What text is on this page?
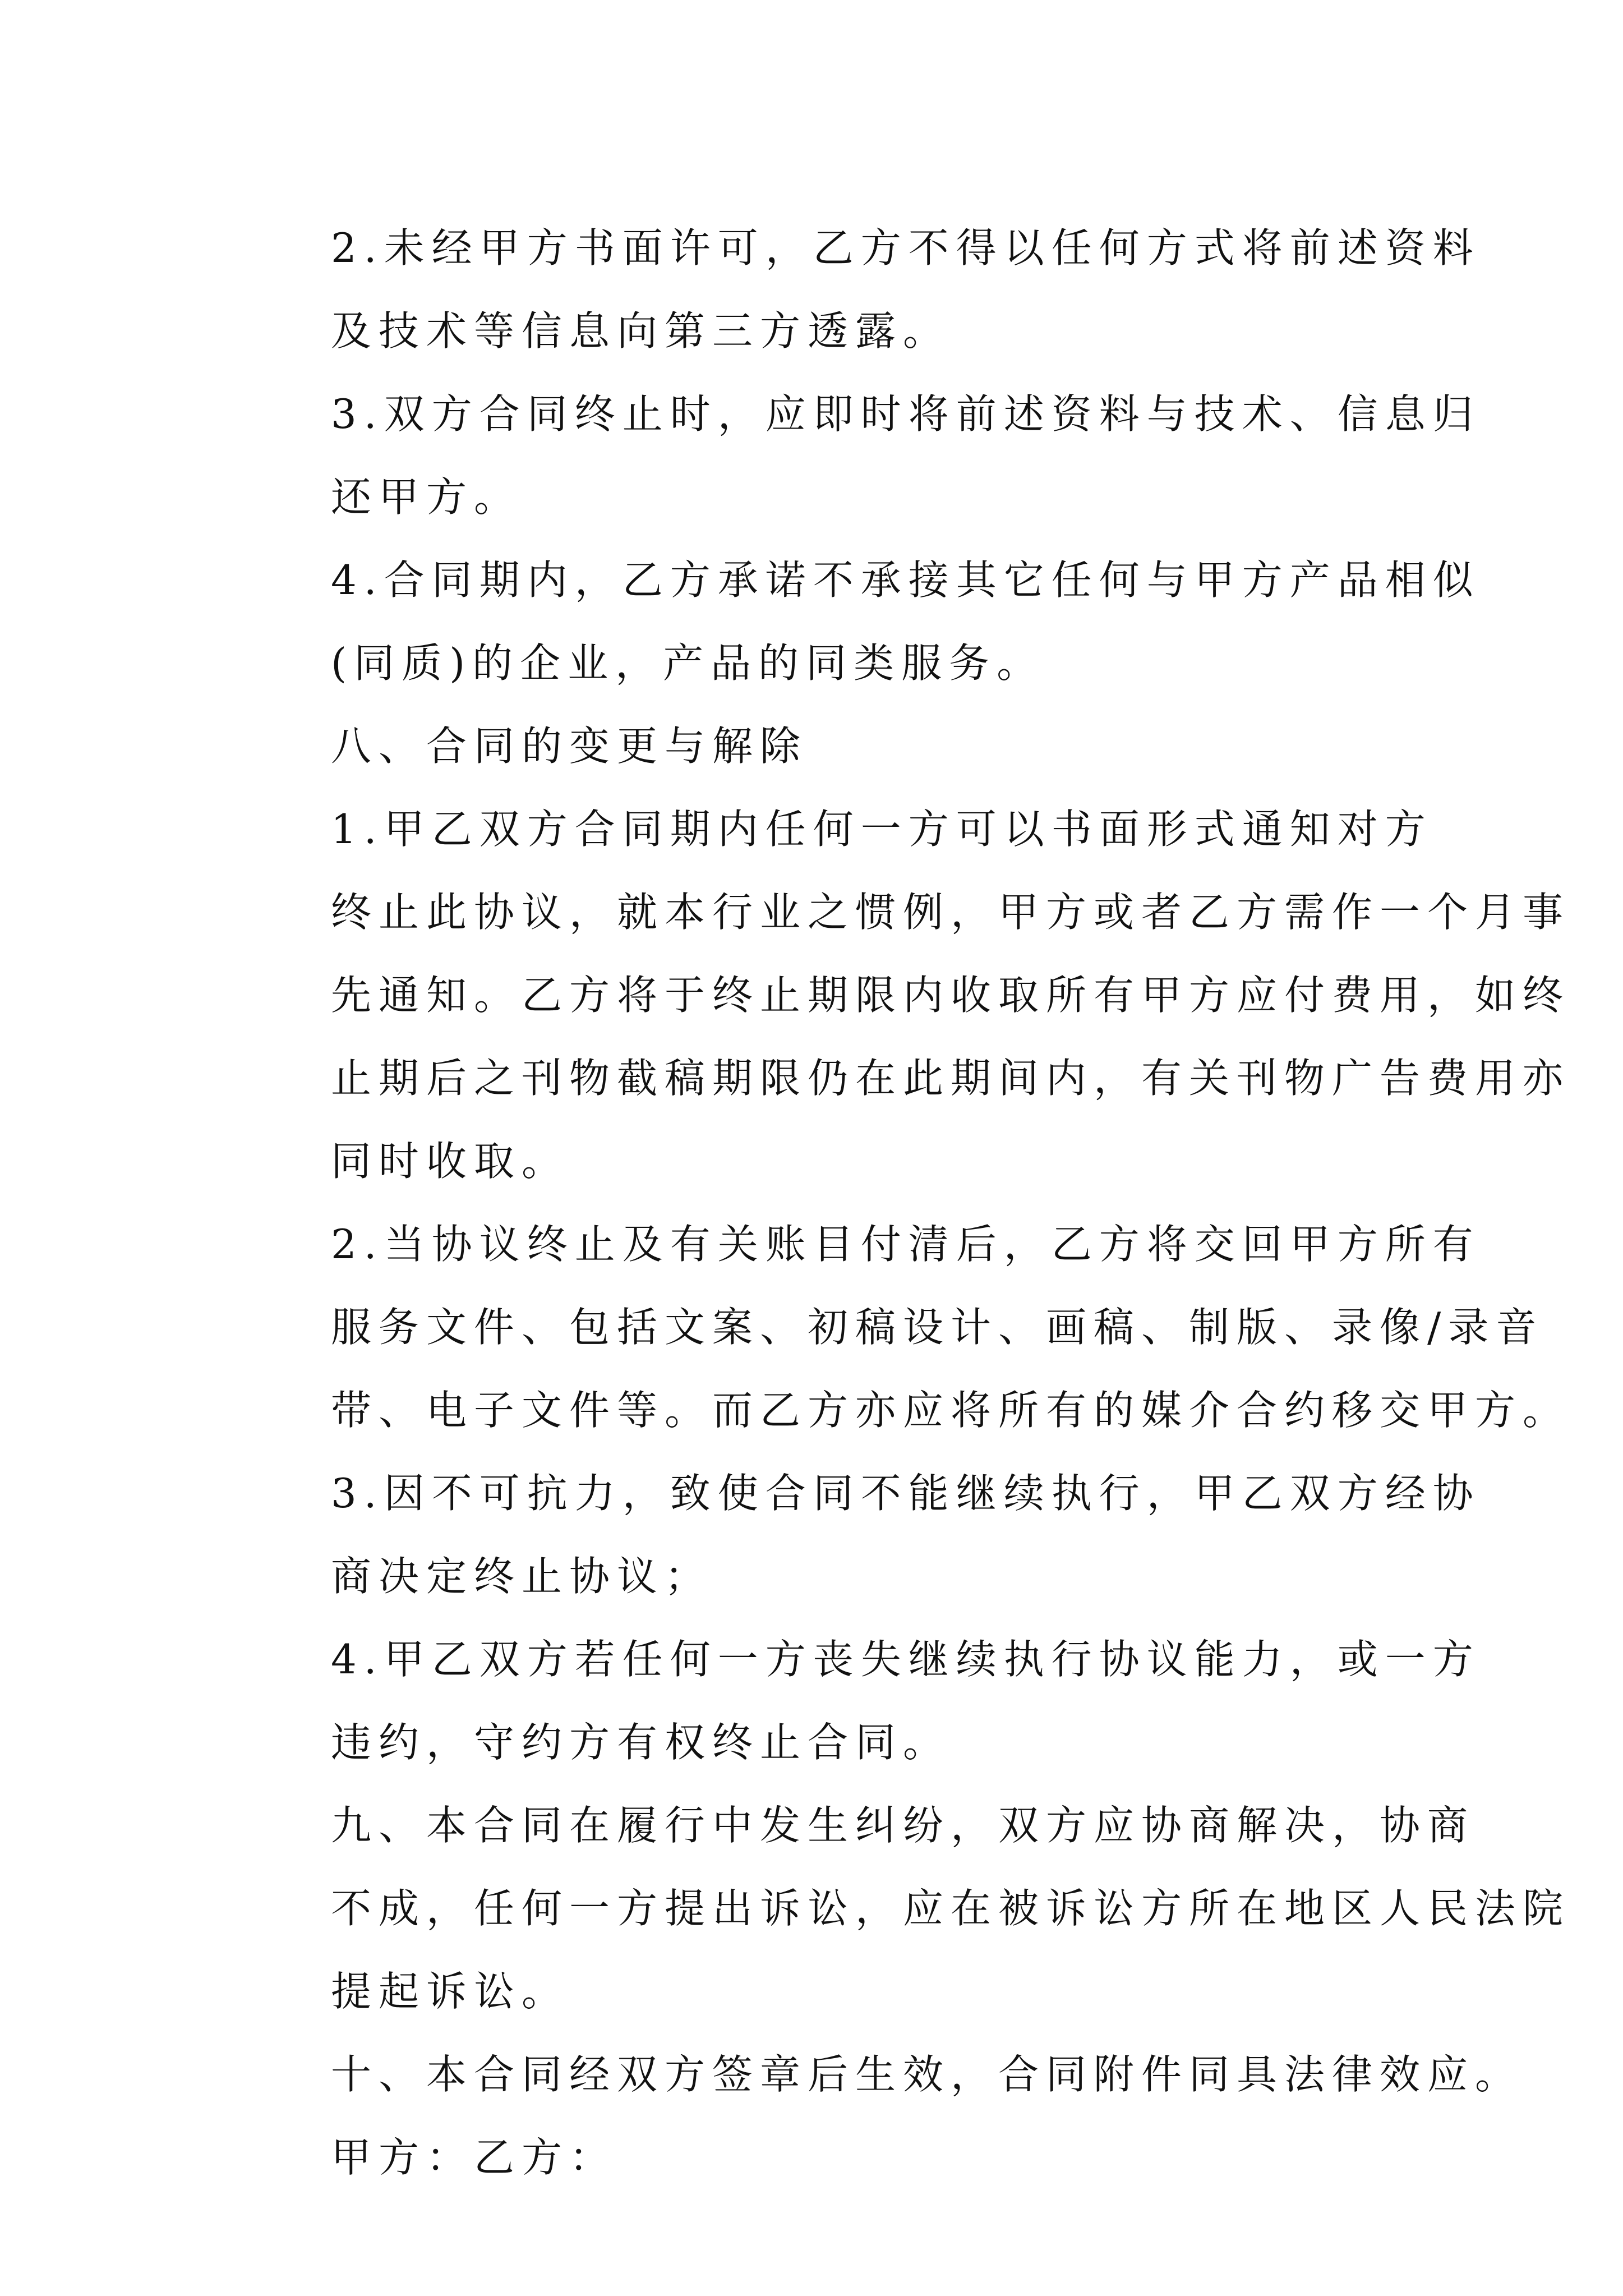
2.未经甲方书面许可，乙方不得以任何方式将前述资料
及技术等信息向第三方透露。

3.双方合同终止时，应即时将前述资料与技术、信息归
还甲方。

4.合同期内，乙方承诺不承接其它任何与甲方产品相似
(同质)的企业，产品的同类服务。

八、合同的变更与解除

1.甲乙双方合同期内任何一方可以书面形式通知对方
终止此协议，就本行业之惯例，甲方或者乙方需作一个月事
先通知。乙方将于终止期限内收取所有甲方应付费用，如终
止期后之刊物截稿期限仍在此期间内，有关刊物广告费用亦
同时收取。

2.当协议终止及有关账目付清后，乙方将交回甲方所有
服务文件、包括文案、初稿设计、画稿、制版、录像/录音
带、电子文件等。而乙方亦应将所有的媒介合约移交甲方。

3.因不可抗力，致使合同不能继续执行，甲乙双方经协
商决定终止协议；

4.甲乙双方若任何一方丧失继续执行协议能力，或一方
违约，守约方有权终止合同。

九、本合同在履行中发生纠纷，双方应协商解决，协商
不成，任何一方提出诉讼，应在被诉讼方所在地区人民法院
提起诉讼。

十、本合同经双方签章后生效，合同附件同具法律效应。

甲方：乙方：
